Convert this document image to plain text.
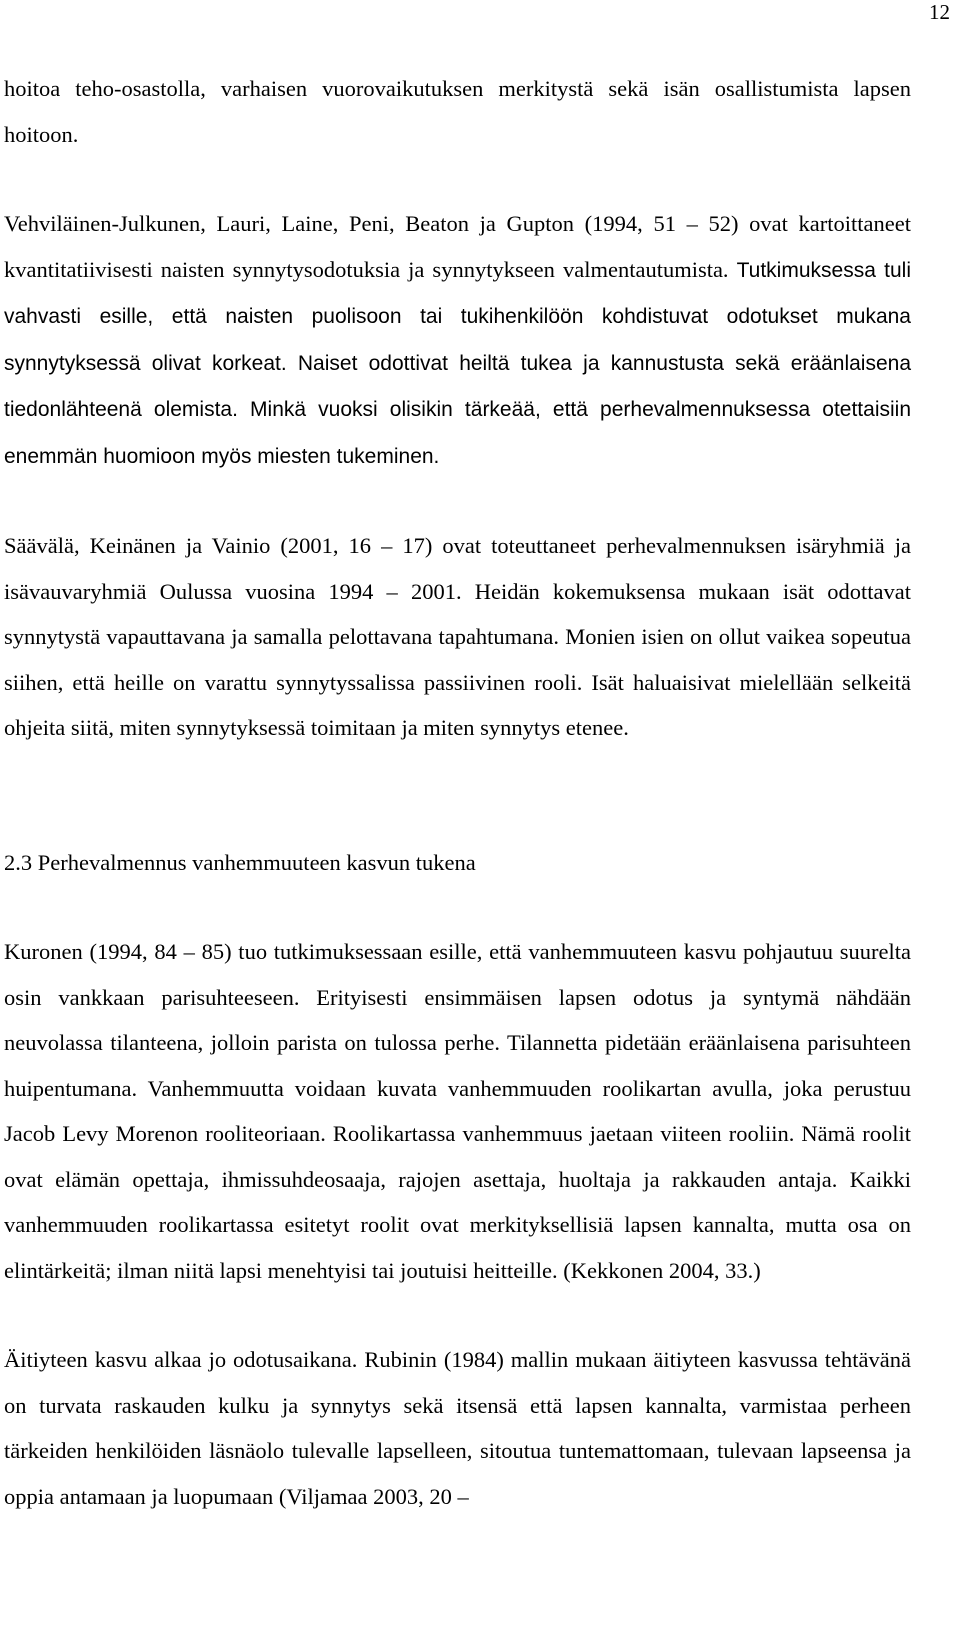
12

hoitoa teho-osastolla, varhaisen vuorovaikutuksen merkitystä sekä isän osallistumista lapsen hoitoon.

Vehviläinen-Julkunen, Lauri, Laine, Peni, Beaton ja Gupton (1994, 51 – 52) ovat kartoittaneet kvantitatiivisesti naisten synnytysodotuksia ja synnytykseen valmentautumista. Tutkimuksessa tuli vahvasti esille, että naisten puolisoon tai tukihenkilöön kohdistuvat odotukset mukana synnytyksessä olivat korkeat. Naiset odottivat heiltä tukea ja kannustusta sekä eräänlaisena tiedonlähteenä olemista. Minkä vuoksi olisikin tärkeää, että perhevalmennuksessa otettaisiin enemmän huomioon myös miesten tukeminen.

Säävälä, Keinänen ja Vainio (2001, 16 – 17) ovat toteuttaneet perhevalmennuksen isäryhmiä ja isävauvaryhmiä Oulussa vuosina 1994 – 2001. Heidän kokemuksensa mukaan isät odottavat synnytystä vapauttavana ja samalla pelottavana tapahtumana. Monien isien on ollut vaikea sopeutua siihen, että heille on varattu synnytyssalissa passiivinen rooli. Isät haluaisivat mielellään selkeitä ohjeita siitä, miten synnytyksessä toimitaan ja miten synnytys etenee.

2.3 Perhevalmennus vanhemmuuteen kasvun tukena

Kuronen (1994, 84 – 85) tuo tutkimuksessaan esille, että vanhemmuuteen kasvu pohjautuu suurelta osin vankkaan parisuhteeseen. Erityisesti ensimmäisen lapsen odotus ja syntymä nähdään neuvolassa tilanteena, jolloin parista on tulossa perhe. Tilannetta pidetään eräänlaisena parisuhteen huipentumana. Vanhemmuutta voidaan kuvata vanhemmuuden roolikartan avulla, joka perustuu Jacob Levy Morenon rooliteoriaan. Roolikartassa vanhemmuus jaetaan viiteen rooliin. Nämä roolit ovat elämän opettaja, ihmissuhdeosaaja, rajojen asettaja, huoltaja ja rakkauden antaja. Kaikki vanhemmuuden roolikartassa esitetyt roolit ovat merkityksellisiä lapsen kannalta, mutta osa on elintärkeitä; ilman niitä lapsi menehtyisi tai joutuisi heitteille. (Kekkonen 2004, 33.)

Äitiyteen kasvu alkaa jo odotusaikana. Rubinin (1984) mallin mukaan äitiyteen kasvussa tehtävänä on turvata raskauden kulku ja synnytys sekä itsensä että lapsen kannalta, varmistaa perheen tärkeiden henkilöiden läsnäolo tulevalle lapselleen, sitoutua tuntemattomaan, tulevaan lapseensa ja oppia antamaan ja luopumaan (Viljamaa 2003, 20 –
